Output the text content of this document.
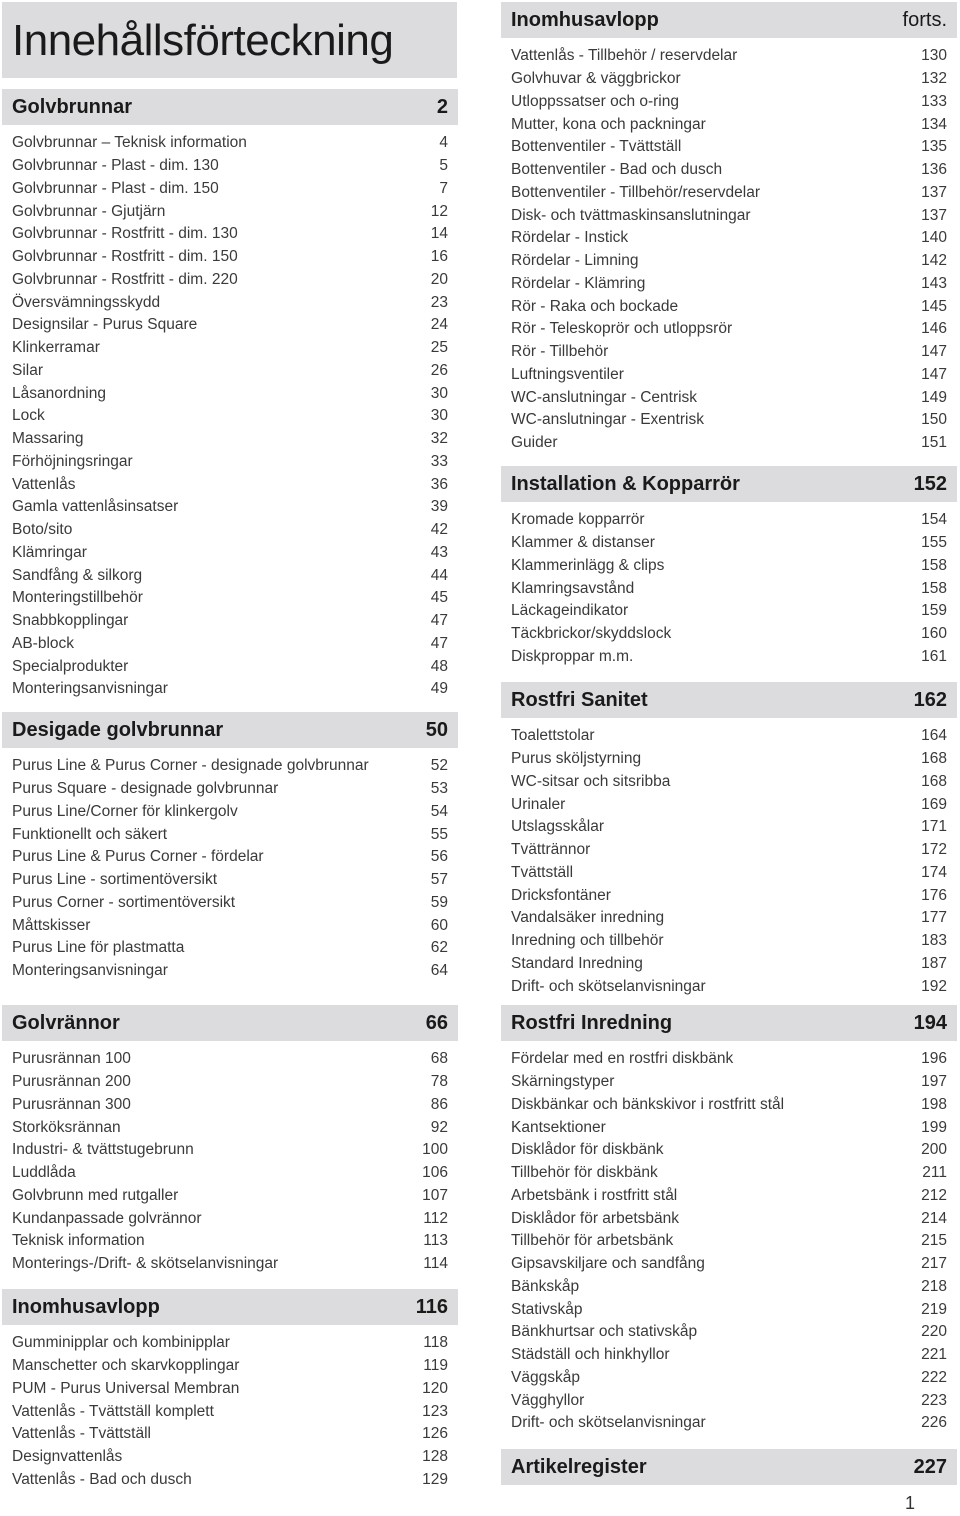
Innehållsförteckning
Golvbrunnar	2
Golvbrunnar – Teknisk information	4
Golvbrunnar - Plast - dim. 130	5
Golvbrunnar - Plast - dim. 150	7
Golvbrunnar - Gjutjärn	12
Golvbrunnar - Rostfritt - dim. 130	14
Golvbrunnar - Rostfritt - dim. 150	16
Golvbrunnar - Rostfritt - dim. 220	20
Översvämningsskydd	23
Designsilar - Purus Square	24
Klinkerramar	25
Silar	26
Låsanordning	30
Lock	30
Massaring	32
Förhöjningsringar	33
Vattenlås	36
Gamla vattenlåsinsatser	39
Boto/sito	42
Klämringar	43
Sandfång & silkorg	44
Monteringstillbehör	45
Snabbkopplingar	47
AB-block	47
Specialprodukter	48
Monteringsanvisningar	49
Desigade golvbrunnar	50
Purus Line & Purus Corner - designade golvbrunnar	52
Purus Square - designade golvbrunnar	53
Purus Line/Corner för klinkergolv	54
Funktionellt och säkert	55
Purus Line & Purus Corner - fördelar	56
Purus Line - sortimentöversikt	57
Purus Corner - sortimentöversikt	59
Måttskisser	60
Purus Line för plastmatta	62
Monteringsanvisningar	64
Golvrännor	66
Purusrännan 100	68
Purusrännan 200	78
Purusrännan 300	86
Storköksrännan	92
Industri- & tvättstugebrunn	100
Luddlåda	106
Golvbrunn med rutgaller	107
Kundanpassade golvrännor	112
Teknisk information	113
Monterings-/Drift- & skötselanvisningar	114
Inomhusavlopp	116
Gumminipplar och kombinipplar	118
Manschetter och skarvkopplingar	119
PUM - Purus Universal Membran	120
Vattenlås - Tvättställ komplett	123
Vattenlås - Tvättställ	126
Designvattenlås	128
Vattenlås - Bad och dusch	129
Inomhusavlopp	forts.
Vattenlås - Tillbehör / reservdelar	130
Golvhuvar & väggbrickor	132
Utloppssatser och o-ring	133
Mutter, kona och packningar	134
Bottenventiler - Tvättställ	135
Bottenventiler - Bad och dusch	136
Bottenventiler - Tillbehör/reservdelar	137
Disk- och tvättmaskinsanslutningar	137
Rördelar - Instick	140
Rördelar - Limning	142
Rördelar - Klämring	143
Rör - Raka och bockade	145
Rör - Teleskoprör och utloppsrör	146
Rör - Tillbehör	147
Luftningsventiler	147
WC-anslutningar - Centrisk	149
WC-anslutningar - Exentrisk	150
Guider	151
Installation & Kopparrör	152
Kromade kopparrör	154
Klammer & distanser	155
Klammerinlägg & clips	158
Klamringsavstånd	158
Läckageindikator	159
Täckbrickor/skyddslock	160
Diskproppar m.m.	161
Rostfri Sanitet	162
Toalettstolar	164
Purus sköljstyrning	168
WC-sitsar och sitsribba	168
Urinaler	169
Utslagsskålar	171
Tvättrännor	172
Tvättställ	174
Dricksfontäner	176
Vandalsäker inredning	177
Inredning och tillbehör	183
Standard Inredning	187
Drift- och skötselanvisningar	192
Rostfri Inredning	194
Fördelar med en rostfri diskbänk	196
Skärningstyper	197
Diskbänkar och bänkskivor i rostfritt stål	198
Kantsektioner	199
Disklådor för diskbänk	200
Tillbehör för diskbänk	211
Arbetsbänk i rostfritt stål	212
Disklådor för arbetsbänk	214
Tillbehör för arbetsbänk	215
Gipsavskiljare och sandfång	217
Bänkskåp	218
Stativskåp	219
Bänkhurtsar och stativskåp	220
Städställ och hinkhyllor	221
Väggskåp	222
Vägghyllor	223
Drift- och skötselanvisningar	226
Artikelregister	227
1
